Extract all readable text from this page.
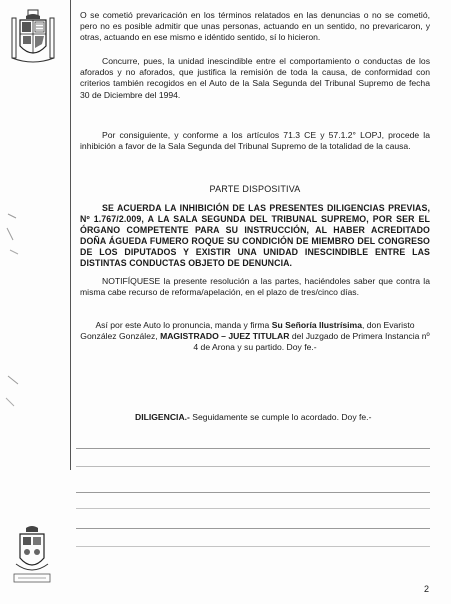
O se cometió prevaricación en los términos relatados en las denuncias o no se cometió, pero no es posible admitir que unas personas, actuando en un sentido, no prevaricaron, y otras, actuando en ese mismo e idéntido sentido, sí lo hicieron.

Concurre, pues, la unidad inescindible entre el comportamiento o conductas de los aforados y no aforados, que justifica la remisión de toda la causa, de conformidad con criterios también recogidos en el Auto de la Sala Segunda del Tribunal Supremo de fecha 30 de Diciembre del 1994.

Por consiguiente, y conforme a los artículos 71.3 CE y 57.1.2° LOPJ, procede la inhibición a favor de la Sala Segunda del Tribunal Supremo de la totalidad de la causa.

PARTE DISPOSITIVA

SE ACUERDA LA INHIBICIÓN DE LAS PRESENTES DILIGENCIAS PREVIAS, Nº 1.767/2.009, A LA SALA SEGUNDA DEL TRIBUNAL SUPREMO, POR SER EL ÓRGANO COMPETENTE PARA SU INSTRUCCIÓN, AL HABER ACREDITADO DOÑA ÁGUEDA FUMERO ROQUE SU CONDICIÓN DE MIEMBRO DEL CONGRESO DE LOS DIPUTADOS Y EXISTIR UNA UNIDAD INESCINDIBLE ENTRE LAS DISTINTAS CONDUCTAS OBJETO DE DENUNCIA.

NOTIFÍQUESE la presente resolución a las partes, haciéndoles saber que contra la misma cabe recurso de reforma/apelación, en el plazo de tres/cinco días.

Así por este Auto lo pronuncia, manda y firma Su Señoría Ilustrísima, don Evaristo González González, MAGISTRADO – JUEZ TITULAR del Juzgado de Primera Instancia nº 4 de Arona y su partido. Doy fe.-

DILIGENCIA.- Seguidamente se cumple lo acordado. Doy fe.-

2
